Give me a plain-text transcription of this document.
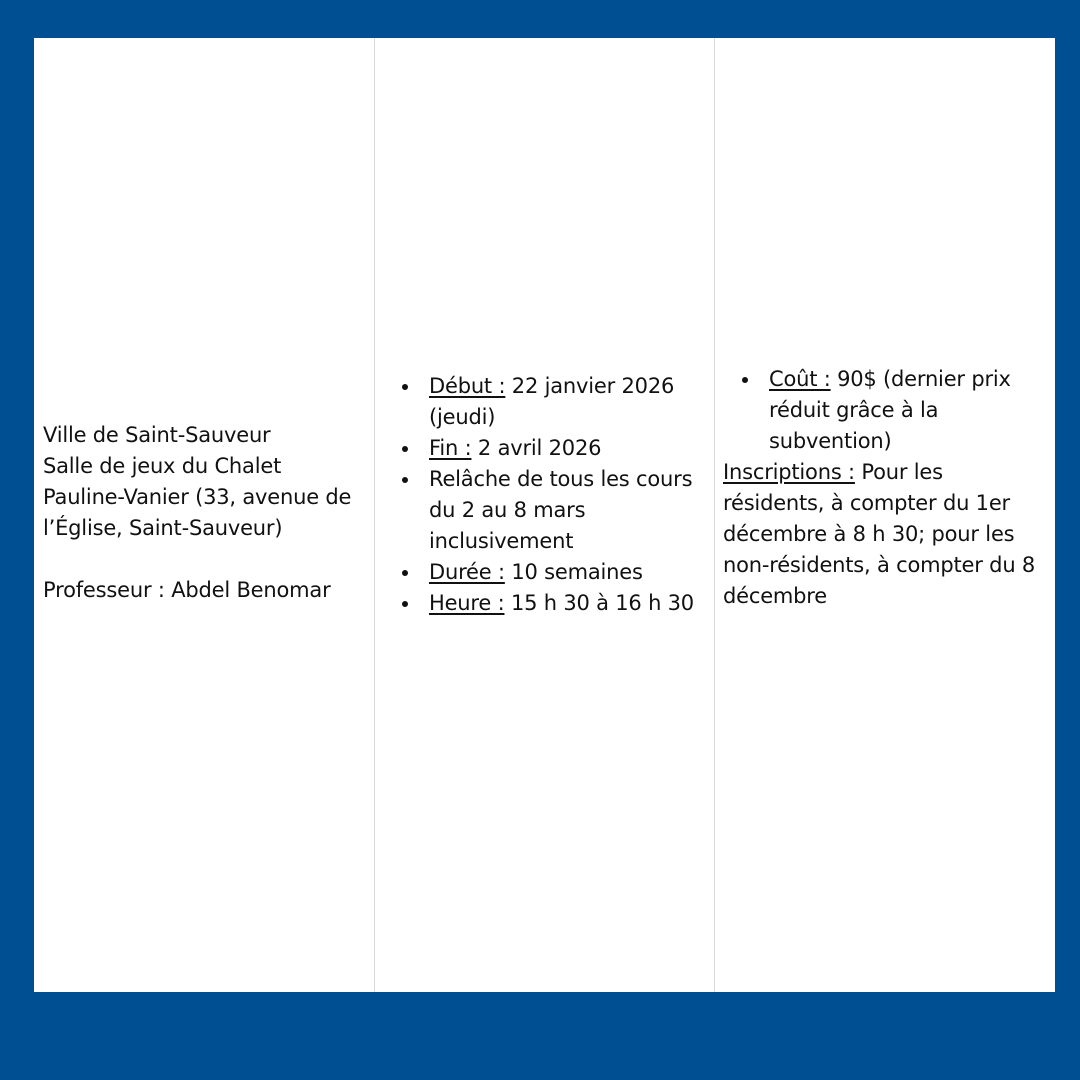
Ville de Saint-Sauveur
Salle de jeux du Chalet Pauline-Vanier (33, avenue de l’Église, Saint-Sauveur)
Professeur : Abdel Benomar
• Début : 22 janvier 2026 (jeudi)
• Fin : 2 avril 2026
• Relâche de tous les cours du 2 au 8 mars inclusivement
• Durée : 10 semaines
• Heure : 15 h 30 à 16 h 30
• Coût : 90$ (dernier prix réduit grâce à la subvention)
Inscriptions : Pour les résidents, à compter du 1er décembre à 8 h 30; pour les non-résidents, à compter du 8 décembre
